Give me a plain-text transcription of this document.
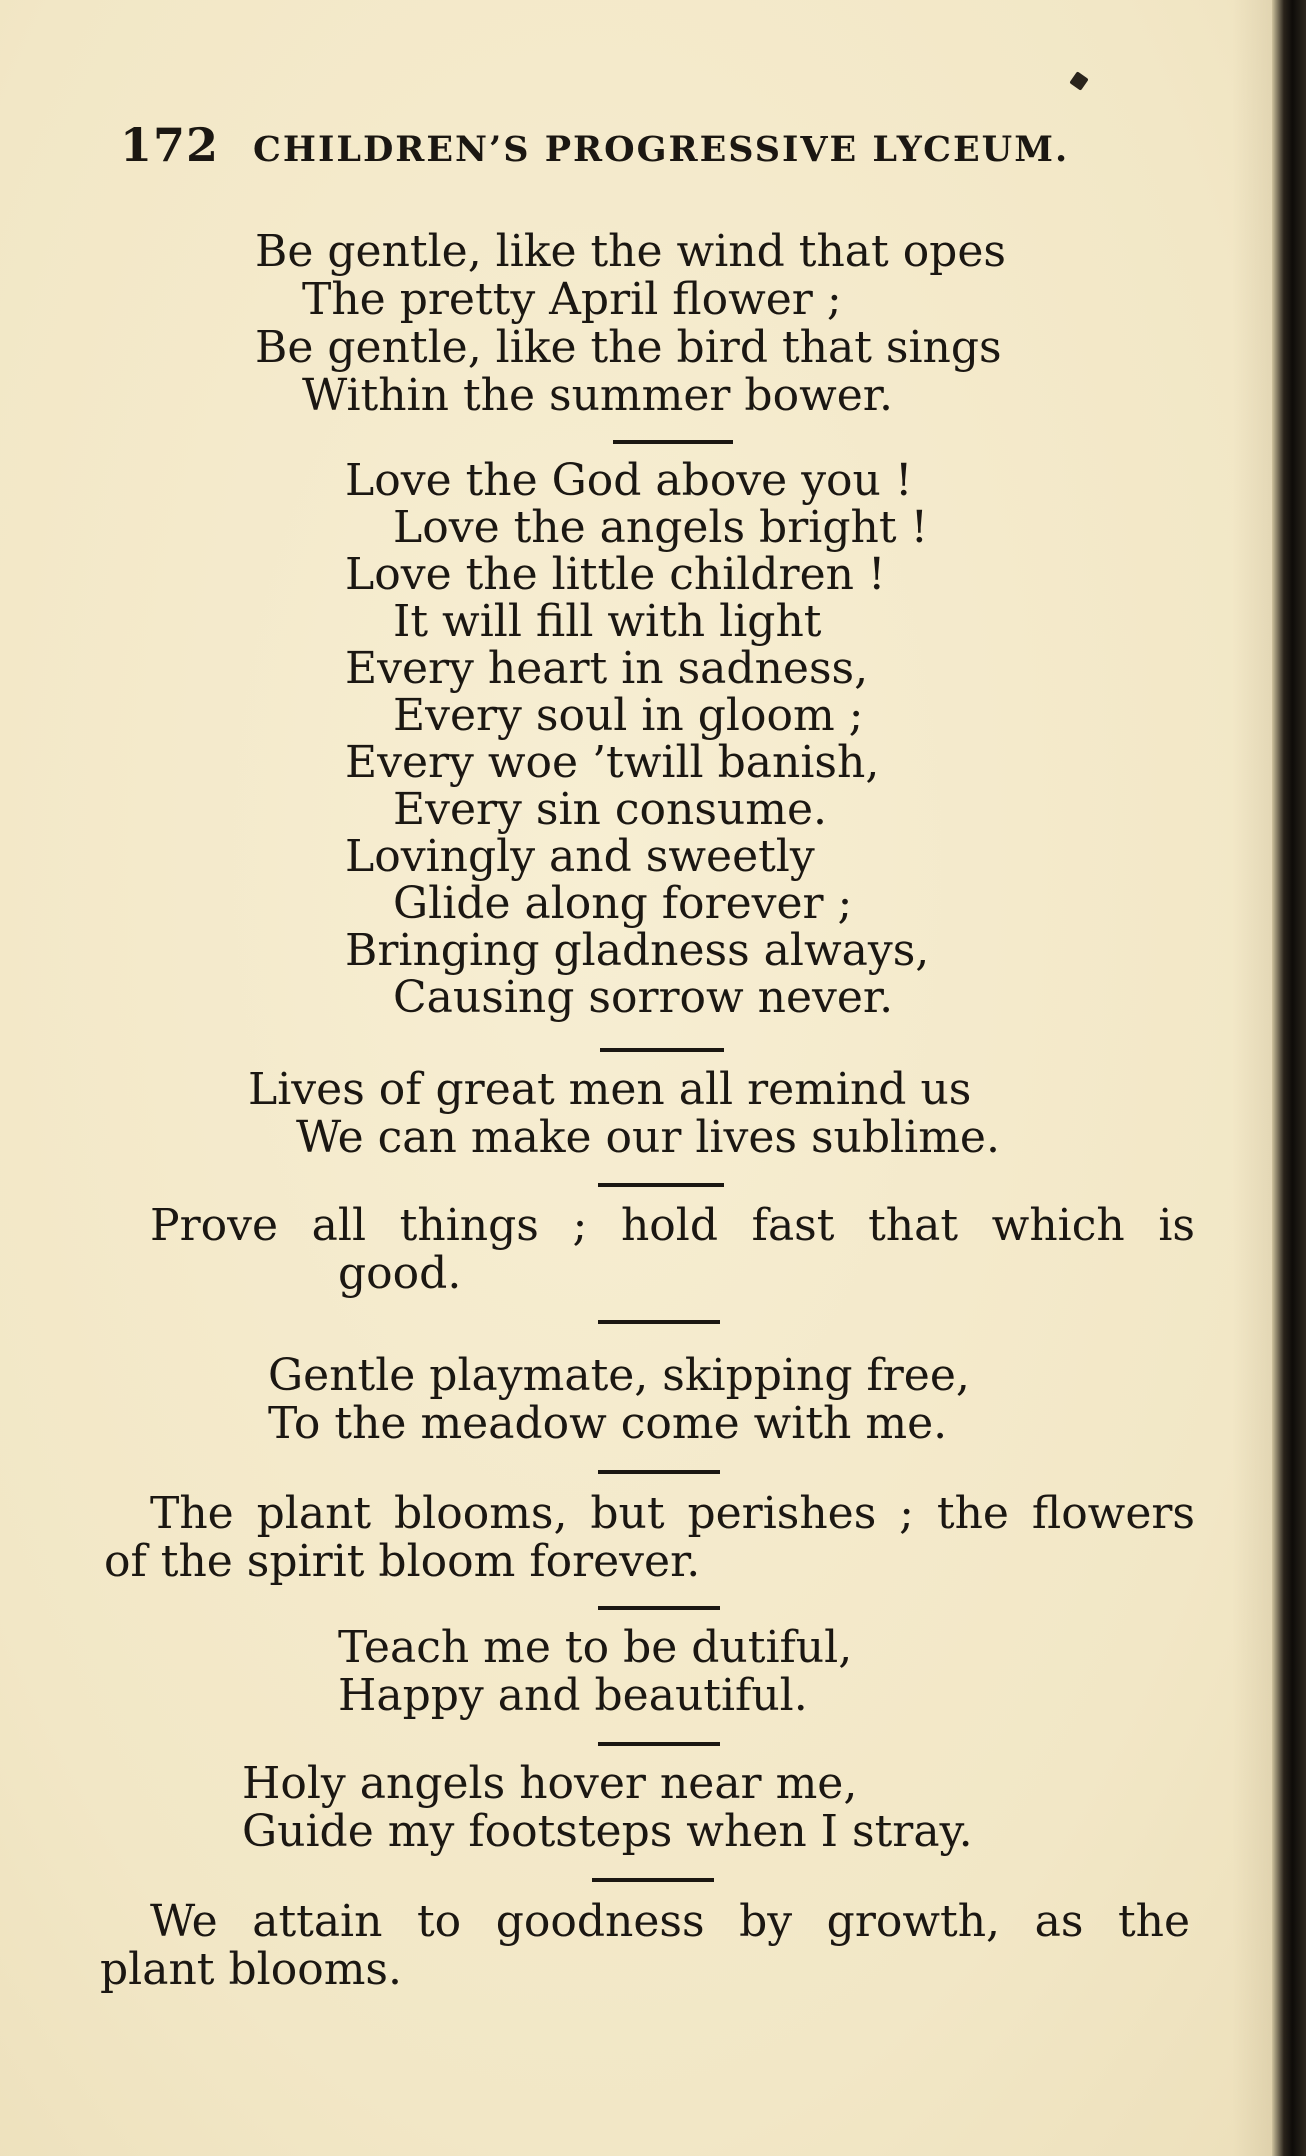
172 CHILDREN’S PROGRESSIVE LYCEUM.
Be gentle, like the wind that opes
The pretty April flower ;
Be gentle, like the bird that sings
Within the summer bower.
Love the God above you !
Love the angels bright !
Love the little children !
It will fill with light
Every heart in sadness,
Every soul in gloom ;
Every woe ’twill banish,
Every sin consume.
Lovingly and sweetly
Glide along forever ;
Bringing gladness always,
Causing sorrow never.
Lives of great men all remind us
We can make our lives sublime.
Prove all things ; hold fast that which is
good.
Gentle playmate, skipping free,
To the meadow come with me.
The plant blooms, but perishes ; the flowers
of the spirit bloom forever.
Teach me to be dutiful,
Happy and beautiful.
Holy angels hover near me,
Guide my footsteps when I stray.
We attain to goodness by growth, as the
plant blooms.
